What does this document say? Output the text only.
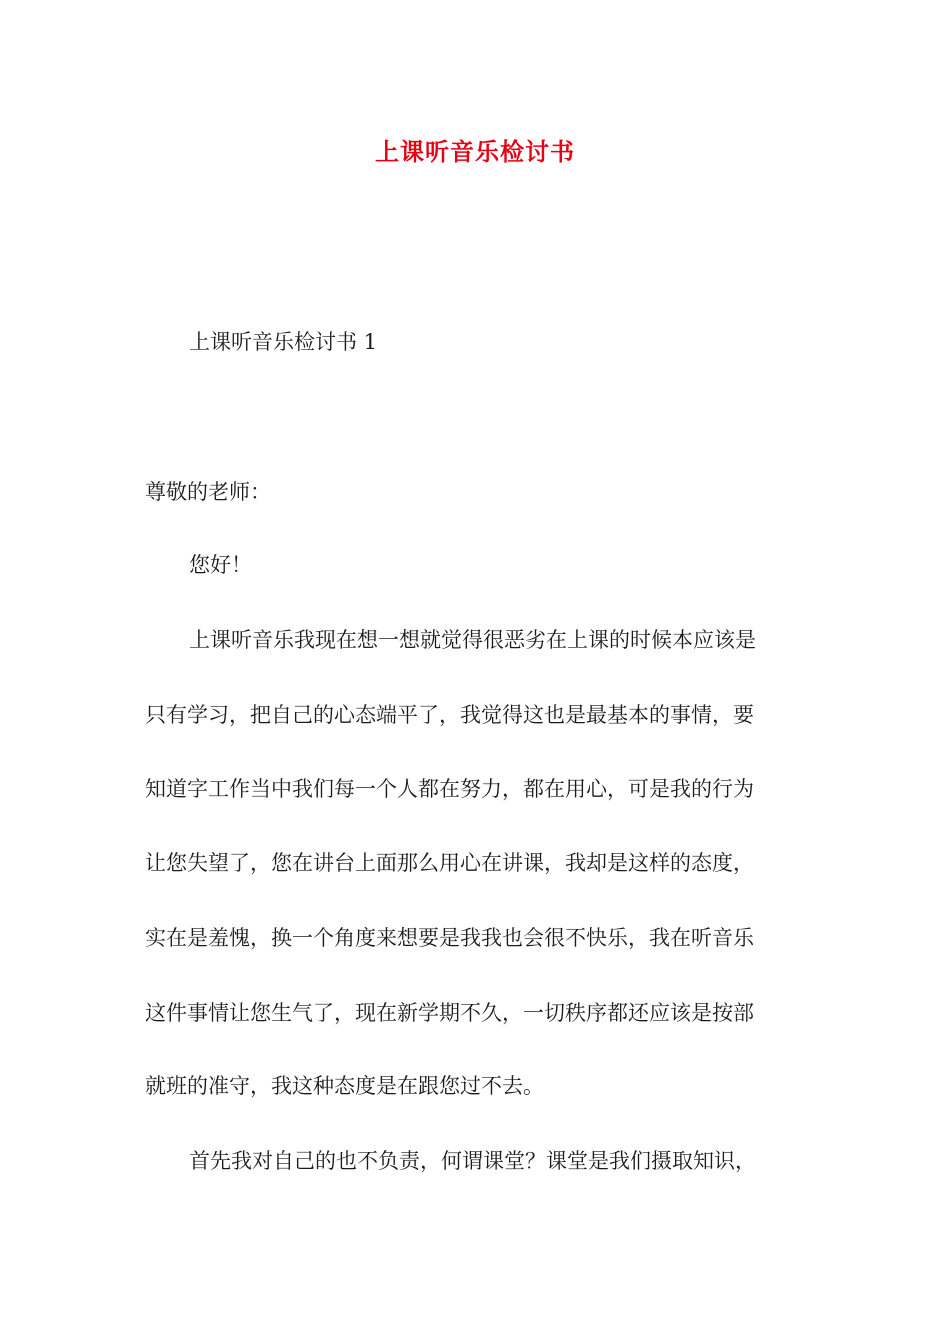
上课听音乐检讨书
上课听音乐检讨书 1
尊敬的老师：
您好！
上课听音乐我现在想一想就觉得很恶劣在上课的时候本应该是
只有学习，把自己的心态端平了，我觉得这也是最基本的事情，要
知道字工作当中我们每一个人都在努力，都在用心，可是我的行为
让您失望了，您在讲台上面那么用心在讲课，我却是这样的态度，
实在是羞愧，换一个角度来想要是我我也会很不快乐，我在听音乐
这件事情让您生气了，现在新学期不久，一切秩序都还应该是按部
就班的准守，我这种态度是在跟您过不去。
首先我对自己的也不负责，何谓课堂？课堂是我们摄取知识，
